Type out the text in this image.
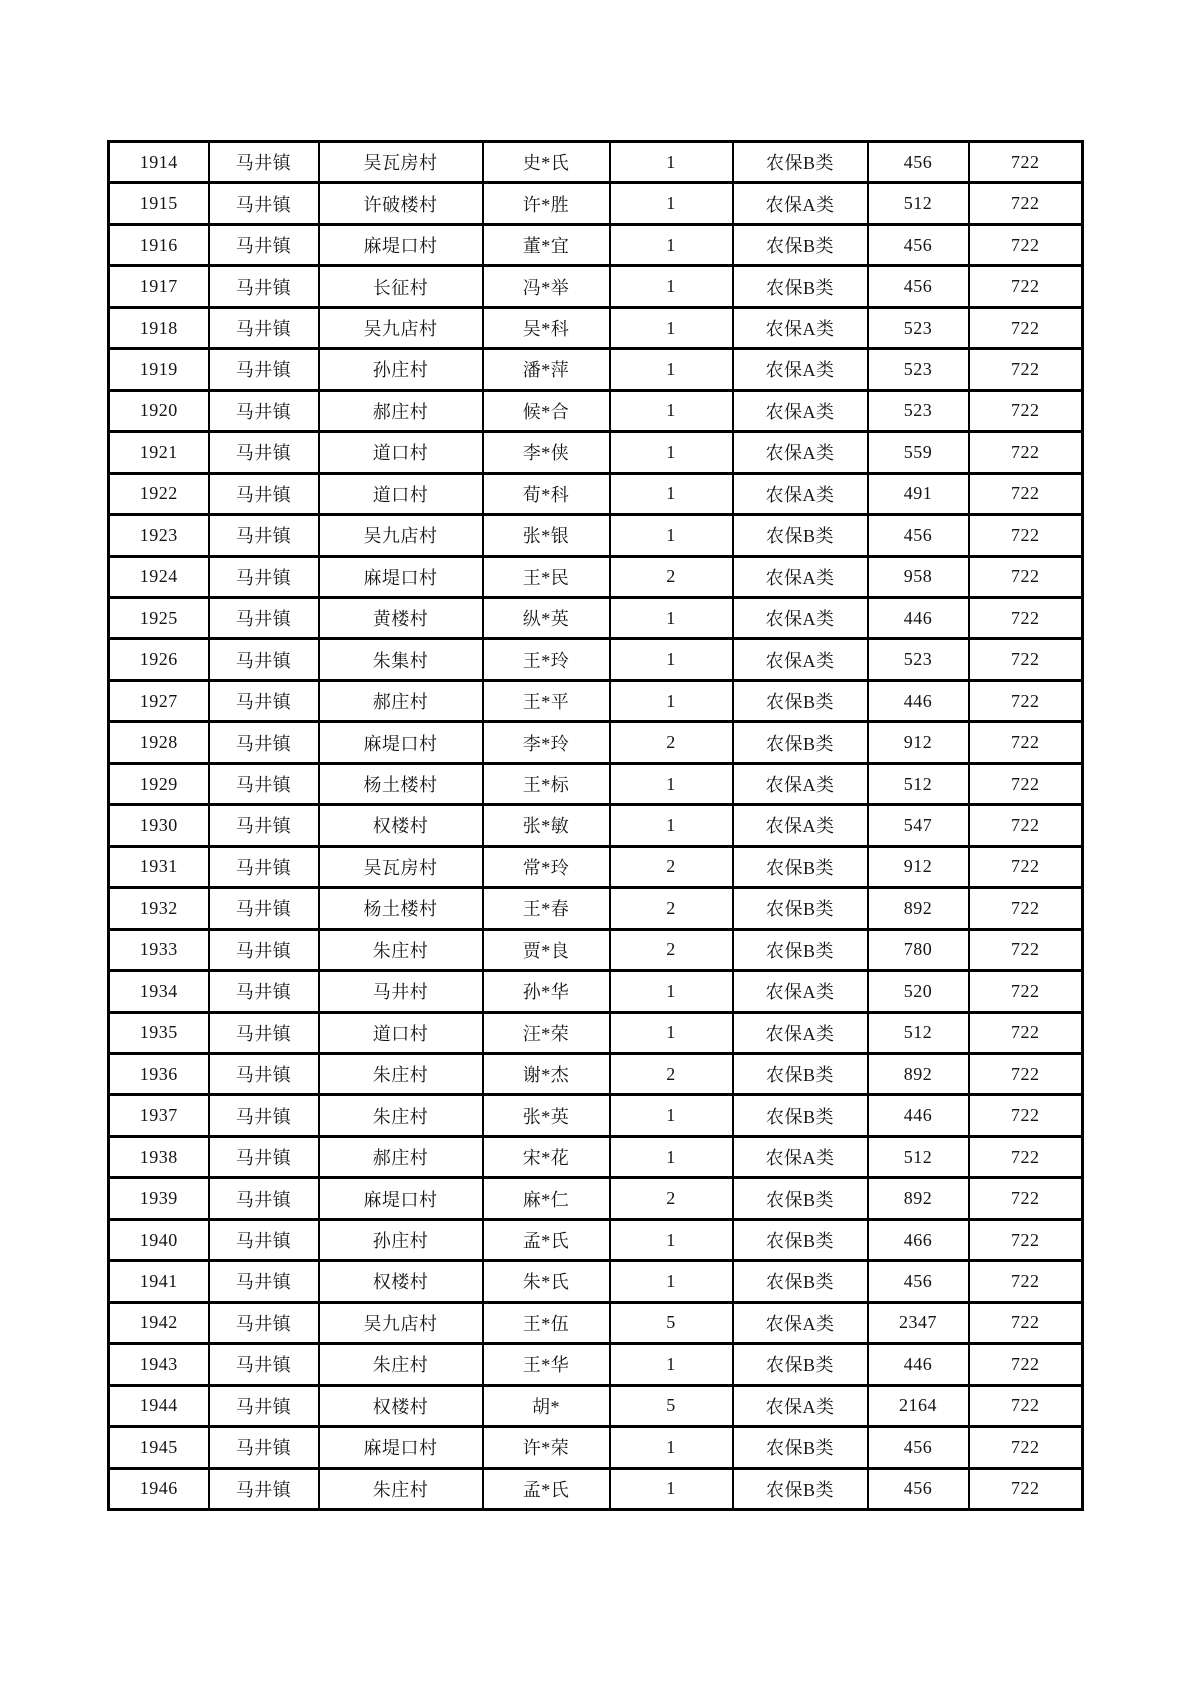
1914	马井镇	吴瓦房村	史*氏	1	农保B类	456	722
1915	马井镇	许破楼村	许*胜	1	农保A类	512	722
1916	马井镇	麻堤口村	董*宜	1	农保B类	456	722
1917	马井镇	长征村	冯*举	1	农保B类	456	722
1918	马井镇	吴九店村	吴*科	1	农保A类	523	722
1919	马井镇	孙庄村	潘*萍	1	农保A类	523	722
1920	马井镇	郝庄村	候*合	1	农保A类	523	722
1921	马井镇	道口村	李*侠	1	农保A类	559	722
1922	马井镇	道口村	荀*科	1	农保A类	491	722
1923	马井镇	吴九店村	张*银	1	农保B类	456	722
1924	马井镇	麻堤口村	王*民	2	农保A类	958	722
1925	马井镇	黄楼村	纵*英	1	农保A类	446	722
1926	马井镇	朱集村	王*玲	1	农保A类	523	722
1927	马井镇	郝庄村	王*平	1	农保B类	446	722
1928	马井镇	麻堤口村	李*玲	2	农保B类	912	722
1929	马井镇	杨土楼村	王*标	1	农保A类	512	722
1930	马井镇	权楼村	张*敏	1	农保A类	547	722
1931	马井镇	吴瓦房村	常*玲	2	农保B类	912	722
1932	马井镇	杨土楼村	王*春	2	农保B类	892	722
1933	马井镇	朱庄村	贾*良	2	农保B类	780	722
1934	马井镇	马井村	孙*华	1	农保A类	520	722
1935	马井镇	道口村	汪*荣	1	农保A类	512	722
1936	马井镇	朱庄村	谢*杰	2	农保B类	892	722
1937	马井镇	朱庄村	张*英	1	农保B类	446	722
1938	马井镇	郝庄村	宋*花	1	农保A类	512	722
1939	马井镇	麻堤口村	麻*仁	2	农保B类	892	722
1940	马井镇	孙庄村	孟*氏	1	农保B类	466	722
1941	马井镇	权楼村	朱*氏	1	农保B类	456	722
1942	马井镇	吴九店村	王*伍	5	农保A类	2347	722
1943	马井镇	朱庄村	王*华	1	农保B类	446	722
1944	马井镇	权楼村	胡*	5	农保A类	2164	722
1945	马井镇	麻堤口村	许*荣	1	农保B类	456	722
1946	马井镇	朱庄村	孟*氏	1	农保B类	456	722
